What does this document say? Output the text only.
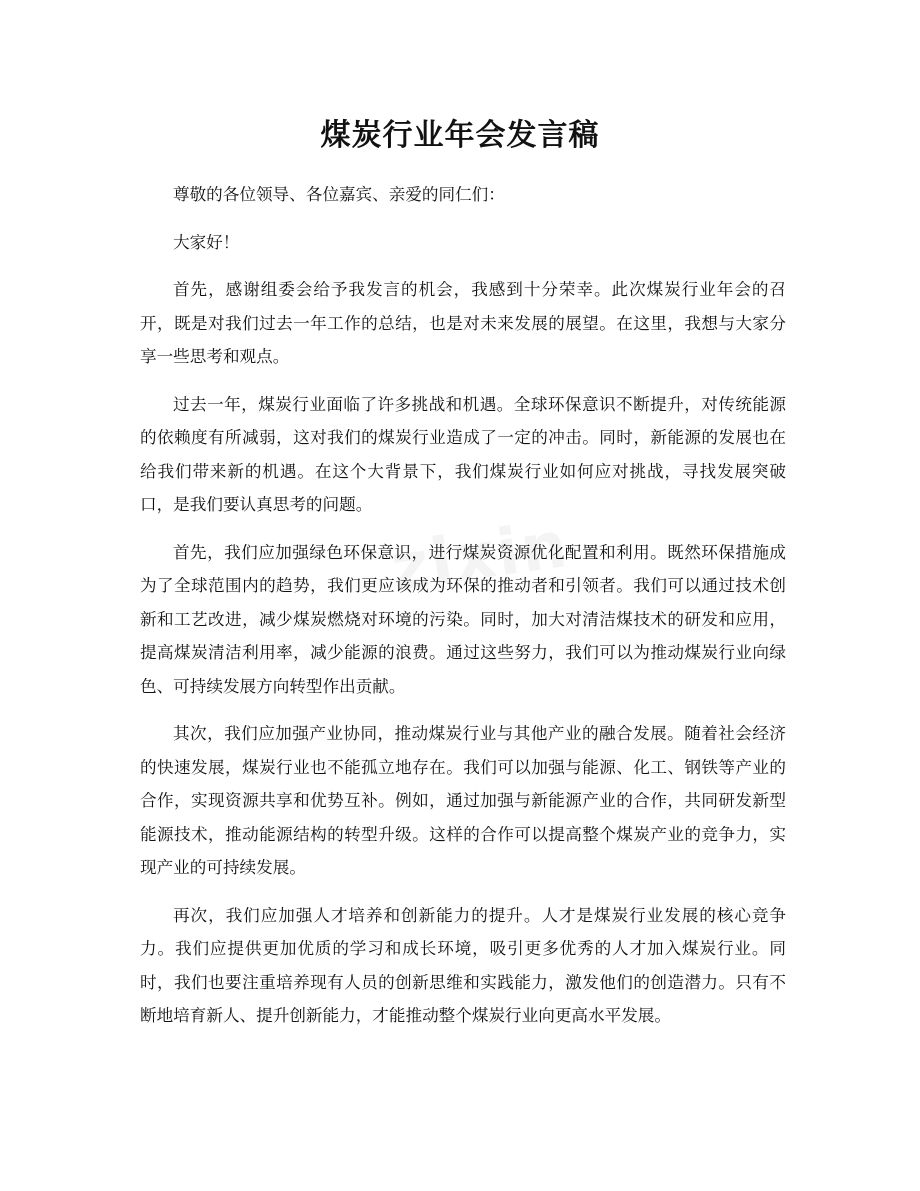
煤炭行业年会发言稿

尊敬的各位领导、各位嘉宾、亲爱的同仁们：

大家好！

首先，感谢组委会给予我发言的机会，我感到十分荣幸。此次煤炭行业年会的召开，既是对我们过去一年工作的总结，也是对未来发展的展望。在这里，我想与大家分享一些思考和观点。

过去一年，煤炭行业面临了许多挑战和机遇。全球环保意识不断提升，对传统能源的依赖度有所减弱，这对我们的煤炭行业造成了一定的冲击。同时，新能源的发展也在给我们带来新的机遇。在这个大背景下，我们煤炭行业如何应对挑战，寻找发展突破口，是我们要认真思考的问题。

首先，我们应加强绿色环保意识，进行煤炭资源优化配置和利用。既然环保措施成为了全球范围内的趋势，我们更应该成为环保的推动者和引领者。我们可以通过技术创新和工艺改进，减少煤炭燃烧对环境的污染。同时，加大对清洁煤技术的研发和应用，提高煤炭清洁利用率，减少能源的浪费。通过这些努力，我们可以为推动煤炭行业向绿色、可持续发展方向转型作出贡献。

其次，我们应加强产业协同，推动煤炭行业与其他产业的融合发展。随着社会经济的快速发展，煤炭行业也不能孤立地存在。我们可以加强与能源、化工、钢铁等产业的合作，实现资源共享和优势互补。例如，通过加强与新能源产业的合作，共同研发新型能源技术，推动能源结构的转型升级。这样的合作可以提高整个煤炭产业的竞争力，实现产业的可持续发展。

再次，我们应加强人才培养和创新能力的提升。人才是煤炭行业发展的核心竞争力。我们应提供更加优质的学习和成长环境，吸引更多优秀的人才加入煤炭行业。同时，我们也要注重培养现有人员的创新思维和实践能力，激发他们的创造潜力。只有不断地培育新人、提升创新能力，才能推动整个煤炭行业向更高水平发展。
